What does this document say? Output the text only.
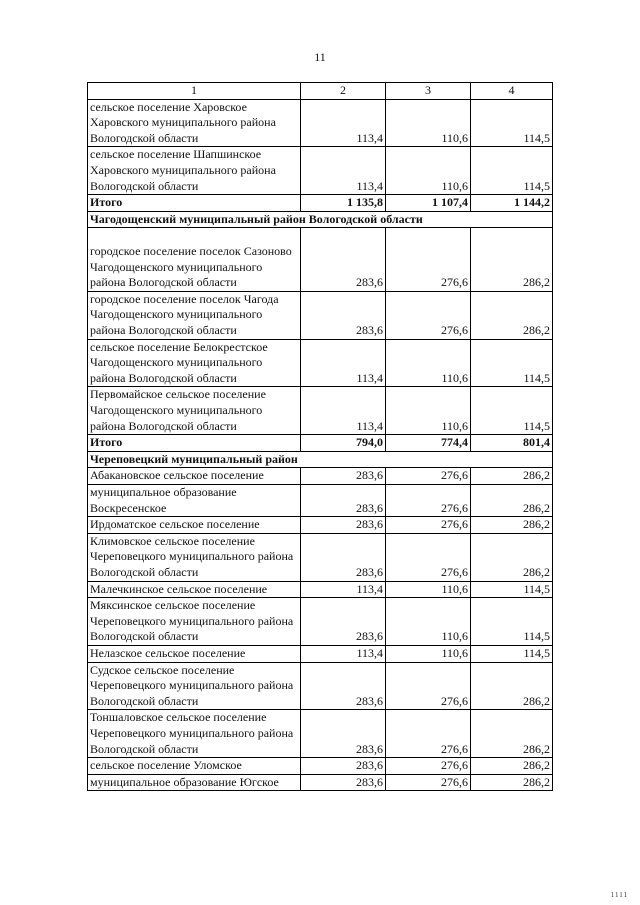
11
1	2	3	4
сельское поселение Харовское Харовского муниципального района Вологодской области	113,4	110,6	114,5
сельское поселение Шапшинское Харовского муниципального района Вологодской области	113,4	110,6	114,5
Итого	1 135,8	1 107,4	1 144,2
Чагодощенский муниципальный район Вологодской области			
городское поселение поселок Сазоново Чагодощенского муниципального района Вологодской области	283,6	276,6	286,2
городское поселение поселок Чагода Чагодощенского муниципального района Вологодской области	283,6	276,6	286,2
сельское поселение Белокрестское Чагодощенского муниципального района Вологодской области	113,4	110,6	114,5
Первомайское сельское поселение Чагодощенского муниципального района Вологодской области	113,4	110,6	114,5
Итого	794,0	774,4	801,4
Череповецкий муниципальный район			
Абакановское сельское поселение	283,6	276,6	286,2
муниципальное образование Воскресенское	283,6	276,6	286,2
Ирдоматское сельское поселение	283,6	276,6	286,2
Климовское сельское поселение Череповецкого муниципального района Вологодской области	283,6	276,6	286,2
Малечкинское сельское поселение	113,4	110,6	114,5
Мяксинское сельское поселение Череповецкого муниципального района Вологодской области	283,6	110,6	114,5
Нелазское сельское поселение	113,4	110,6	114,5
Судское сельское поселение Череповецкого муниципального района Вологодской области	283,6	276,6	286,2
Тоншаловское сельское поселение Череповецкого муниципального района Вологодской области	283,6	276,6	286,2
сельское поселение Уломское	283,6	276,6	286,2
муниципальное образование Югское	283,6	276,6	286,2
1111
